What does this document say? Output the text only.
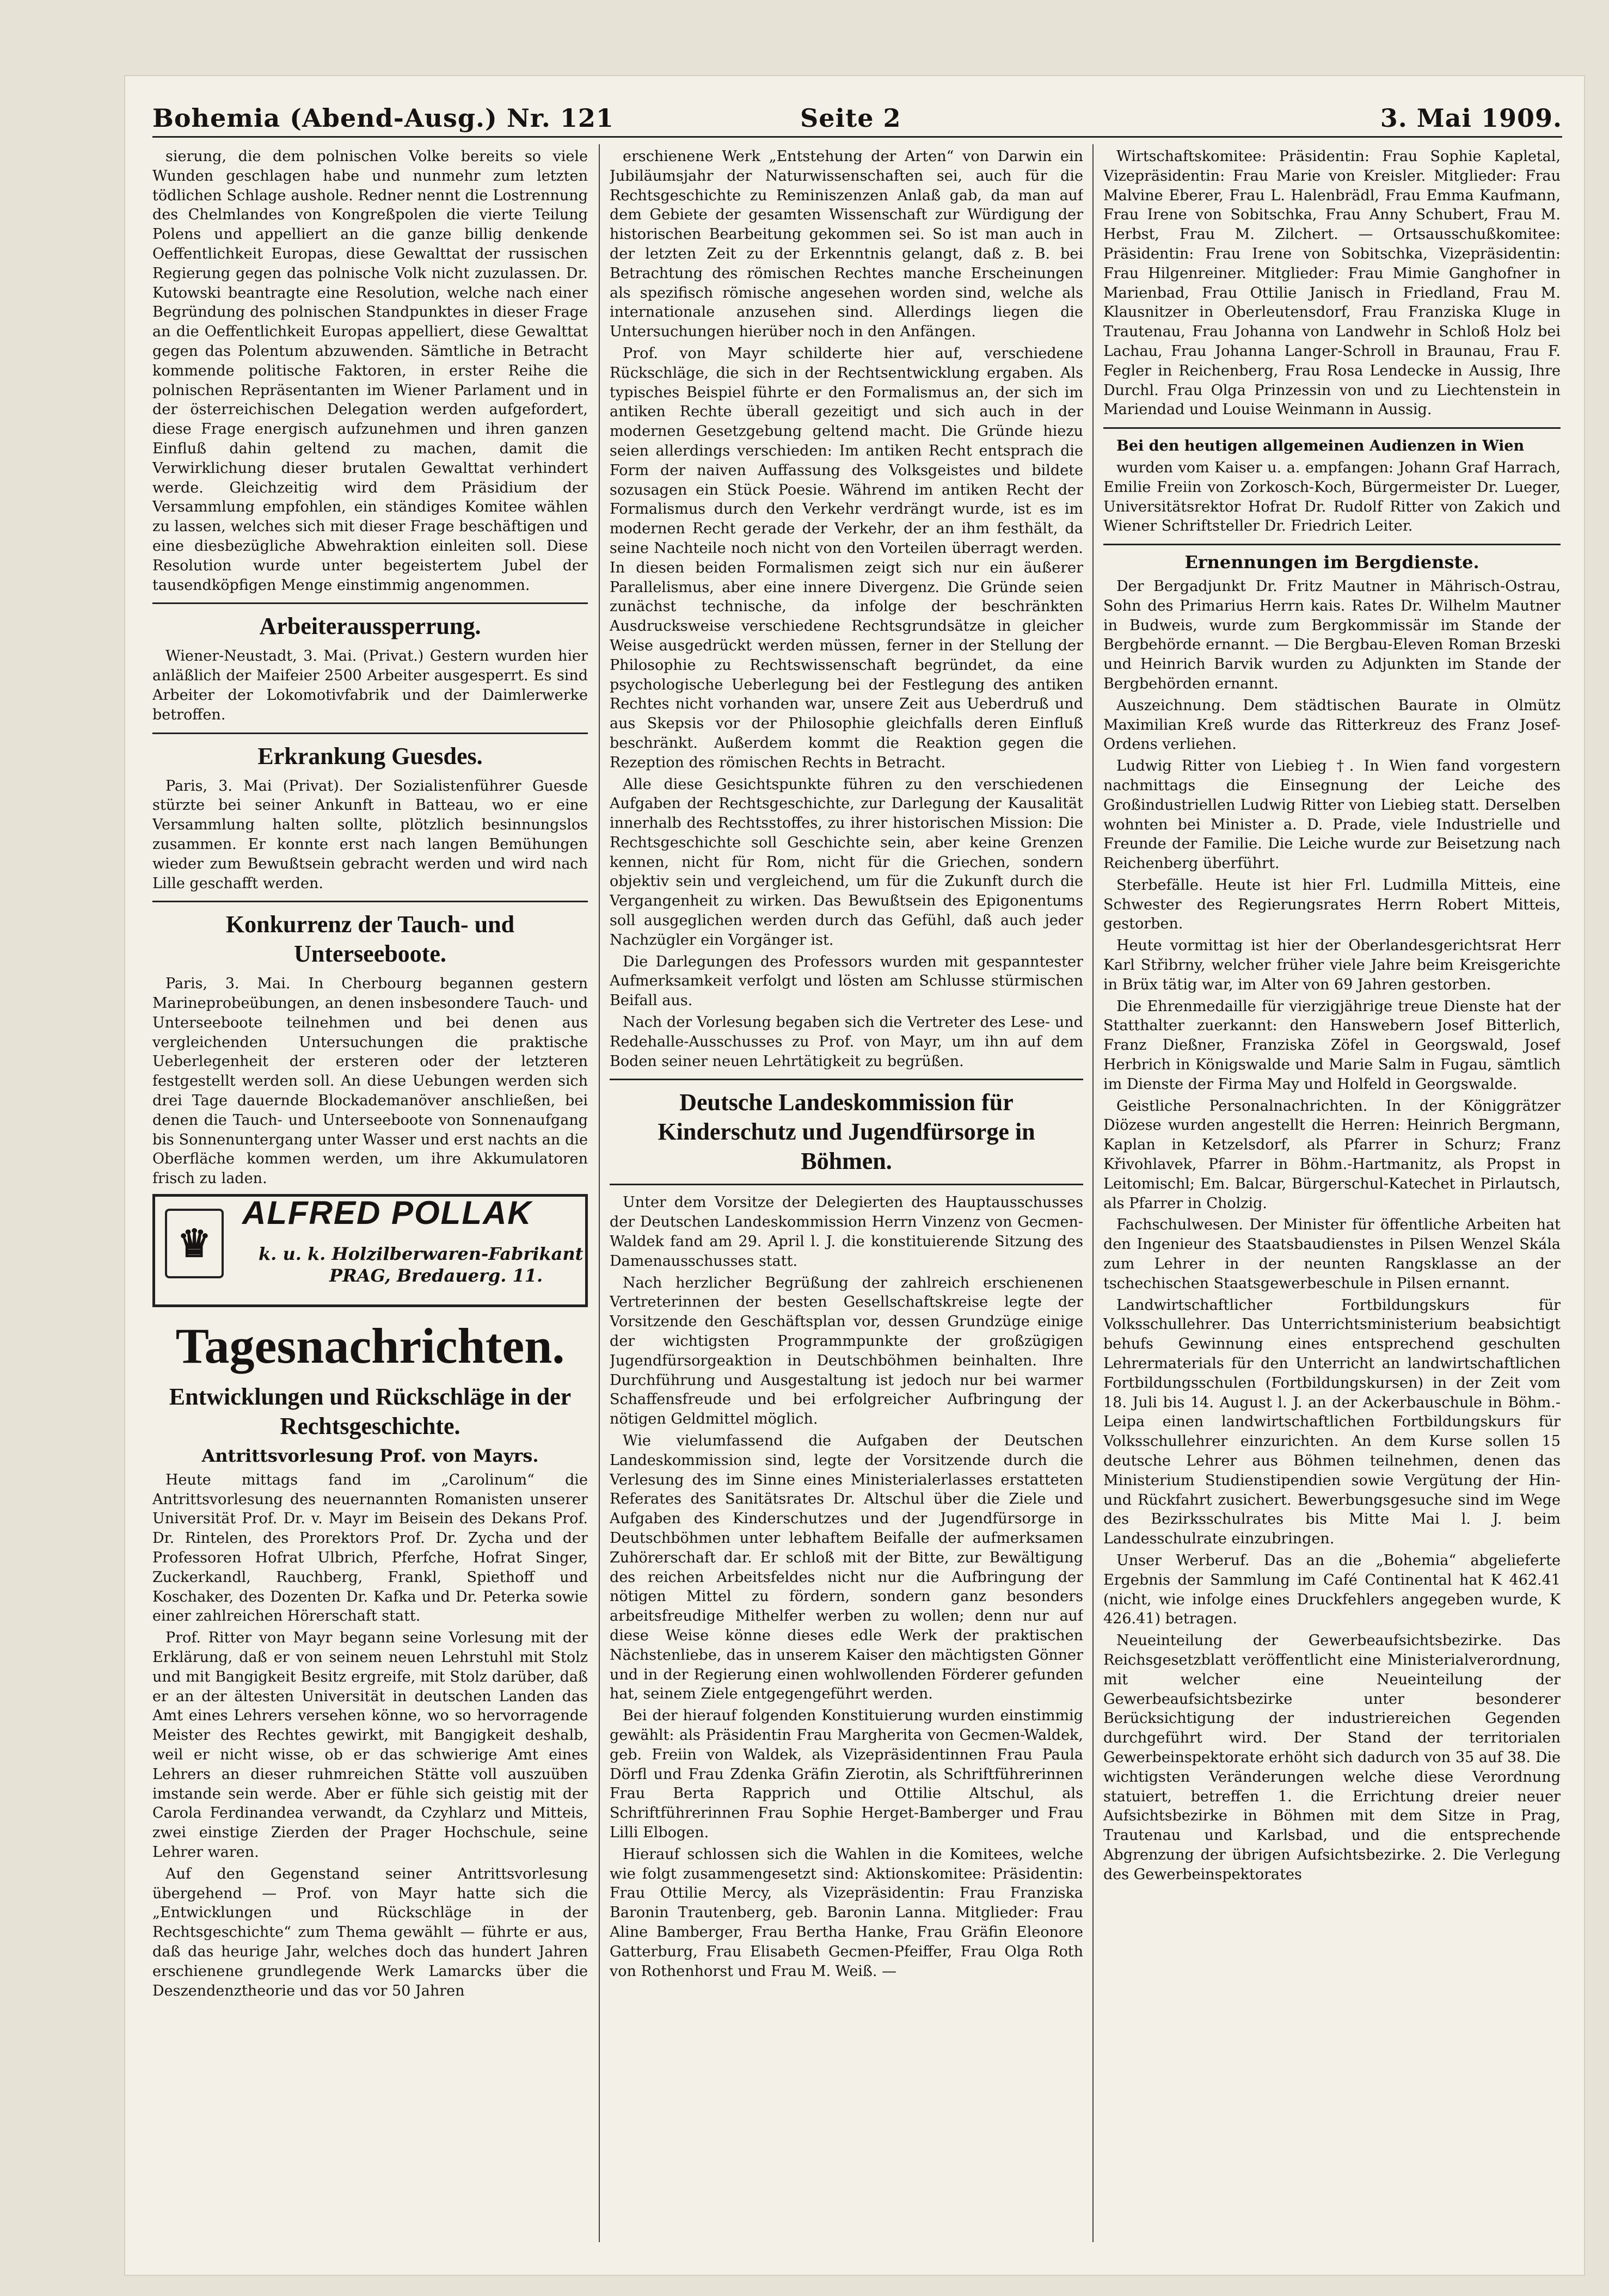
Bohemia (Abend-Ausg.) Nr. 121	Seite 2	3. Mai 1909.

sierung, die dem polnischen Volke bereits so viele Wunden geschlagen habe und nunmehr zum letzten tödlichen Schlage aushole. Redner nennt die Lostrennung des Chelmlandes von Kongreßpolen die vierte Teilung Polens und appelliert an die ganze billig denkende Oeffentlichkeit Europas, diese Gewalttat der russischen Regierung gegen das polnische Volk nicht zuzulassen. Dr. Kutowski beantragte eine Resolution, welche nach einer Begründung des polnischen Standpunktes in dieser Frage an die Oeffentlichkeit Europas appelliert, diese Gewalttat gegen das Polentum abzuwenden. Sämtliche in Betracht kommende politische Faktoren, in erster Reihe die polnischen Repräsentanten im Wiener Parlament und in der österreichischen Delegation werden aufgefordert, diese Frage energisch aufzunehmen und ihren ganzen Einfluß dahin geltend zu machen, damit die Verwirklichung dieser brutalen Gewalttat verhindert werde. Gleichzeitig wird dem Präsidium der Versammlung empfohlen, ein ständiges Komitee wählen zu lassen, welches sich mit dieser Frage beschäftigen und eine diesbezügliche Abwehraktion einleiten soll. Diese Resolution wurde unter begeistertem Jubel der tausendköpfigen Menge einstimmig angenommen.

Arbeiteraussperrung.

Wiener-Neustadt, 3. Mai. (Privat.) Gestern wurden hier anläßlich der Maifeier 2500 Arbeiter ausgesperrt. Es sind Arbeiter der Lokomotivfabrik und der Daimlerwerke betroffen.

Erkrankung Guesdes.

Paris, 3. Mai (Privat). Der Sozialistenführer Guesde stürzte bei seiner Ankunft in Batteau, wo er eine Versammlung halten sollte, plötzlich besinnungslos zusammen. Er konnte erst nach langen Bemühungen wieder zum Bewußtsein gebracht werden und wird nach Lille geschafft werden.

Konkurrenz der Tauch- und Unterseeboote.

Paris, 3. Mai. In Cherbourg begannen gestern Marineprobeübungen, an denen insbesondere Tauch- und Unterseeboote teilnehmen und bei denen aus vergleichenden Untersuchungen die praktische Ueberlegenheit der ersteren oder der letzteren festgestellt werden soll. An diese Uebungen werden sich drei Tage dauernde Blockademanöver anschließen, bei denen die Tauch- und Unterseeboote von Sonnenaufgang bis Sonnenuntergang unter Wasser und erst nachts an die Oberfläche kommen werden, um ihre Akkumulatoren frisch zu laden.

♛
ALFRED POLLAK
k. u. k. Holzilberwaren-Fabrikant
PRAG, Bredauerg. 11.
Tagesnachrichten.
Entwicklungen und Rückschläge in der Rechtsgeschichte.
Antrittsvorlesung Prof. von Mayrs.

Heute mittags fand im „Carolinum“ die Antrittsvorlesung des neuernannten Romanisten unserer Universität Prof. Dr. v. Mayr im Beisein des Dekans Prof. Dr. Rintelen, des Prorektors Prof. Dr. Zycha und der Professoren Hofrat Ulbrich, Pferfche, Hofrat Singer, Zuckerkandl, Rauchberg, Frankl, Spiethoff und Koschaker, des Dozenten Dr. Kafka und Dr. Peterka sowie einer zahlreichen Hörerschaft statt.

Prof. Ritter von Mayr begann seine Vorlesung mit der Erklärung, daß er von seinem neuen Lehrstuhl mit Stolz und mit Bangigkeit Besitz ergreife, mit Stolz darüber, daß er an der ältesten Universität in deutschen Landen das Amt eines Lehrers versehen könne, wo so hervorragende Meister des Rechtes gewirkt, mit Bangigkeit deshalb, weil er nicht wisse, ob er das schwierige Amt eines Lehrers an dieser ruhmreichen Stätte voll auszuüben imstande sein werde. Aber er fühle sich geistig mit der Carola Ferdinandea verwandt, da Czyhlarz und Mitteis, zwei einstige Zierden der Prager Hochschule, seine Lehrer waren.

Auf den Gegenstand seiner Antrittsvorlesung übergehend — Prof. von Mayr hatte sich die „Entwicklungen und Rückschläge in der Rechtsgeschichte“ zum Thema gewählt — führte er aus, daß das heurige Jahr, welches doch das hundert Jahren erschienene grundlegende Werk Lamarcks über die Deszendenztheorie und das vor 50 Jahren

erschienene Werk „Entstehung der Arten“ von Darwin ein Jubiläumsjahr der Naturwissenschaften sei, auch für die Rechtsgeschichte zu Reminiszenzen Anlaß gab, da man auf dem Gebiete der gesamten Wissenschaft zur Würdigung der historischen Bearbeitung gekommen sei. So ist man auch in der letzten Zeit zu der Erkenntnis gelangt, daß z. B. bei Betrachtung des römischen Rechtes manche Erscheinungen als spezifisch römische angesehen worden sind, welche als internationale anzusehen sind. Allerdings liegen die Untersuchungen hierüber noch in den Anfängen.

Prof. von Mayr schilderte hier auf, verschiedene Rückschläge, die sich in der Rechtsentwicklung ergaben. Als typisches Beispiel führte er den Formalismus an, der sich im antiken Rechte überall gezeitigt und sich auch in der modernen Gesetzgebung geltend macht. Die Gründe hiezu seien allerdings verschieden: Im antiken Recht entsprach die Form der naiven Auffassung des Volksgeistes und bildete sozusagen ein Stück Poesie. Während im antiken Recht der Formalismus durch den Verkehr verdrängt wurde, ist es im modernen Recht gerade der Verkehr, der an ihm festhält, da seine Nachteile noch nicht von den Vorteilen überragt werden. In diesen beiden Formalismen zeigt sich nur ein äußerer Parallelismus, aber eine innere Divergenz. Die Gründe seien zunächst technische, da infolge der beschränkten Ausdrucksweise verschiedene Rechtsgrundsätze in gleicher Weise ausgedrückt werden müssen, ferner in der Stellung der Philosophie zu Rechtswissenschaft begründet, da eine psychologische Ueberlegung bei der Festlegung des antiken Rechtes nicht vorhanden war, unsere Zeit aus Ueberdruß und aus Skepsis vor der Philosophie gleichfalls deren Einfluß beschränkt. Außerdem kommt die Reaktion gegen die Rezeption des römischen Rechts in Betracht.

Alle diese Gesichtspunkte führen zu den verschiedenen Aufgaben der Rechtsgeschichte, zur Darlegung der Kausalität innerhalb des Rechtsstoffes, zu ihrer historischen Mission: Die Rechtsgeschichte soll Geschichte sein, aber keine Grenzen kennen, nicht für Rom, nicht für die Griechen, sondern objektiv sein und vergleichend, um für die Zukunft durch die Vergangenheit zu wirken. Das Bewußtsein des Epigonentums soll ausgeglichen werden durch das Gefühl, daß auch jeder Nachzügler ein Vorgänger ist.

Die Darlegungen des Professors wurden mit gespanntester Aufmerksamkeit verfolgt und lösten am Schlusse stürmischen Beifall aus.

Nach der Vorlesung begaben sich die Vertreter des Lese- und Redehalle-Ausschusses zu Prof. von Mayr, um ihn auf dem Boden seiner neuen Lehrtätigkeit zu begrüßen.

Deutsche Landeskommission für Kinderschutz und Jugendfürsorge in Böhmen.

Unter dem Vorsitze der Delegierten des Hauptausschusses der Deutschen Landeskommission Herrn Vinzenz von Gecmen-Waldek fand am 29. April l. J. die konstituierende Sitzung des Damenausschusses statt.

Nach herzlicher Begrüßung der zahlreich erschienenen Vertreterinnen der besten Gesellschaftskreise legte der Vorsitzende den Geschäftsplan vor, dessen Grundzüge einige der wichtigsten Programmpunkte der großzügigen Jugendfürsorgeaktion in Deutschböhmen beinhalten. Ihre Durchführung und Ausgestaltung ist jedoch nur bei warmer Schaffensfreude und bei erfolgreicher Aufbringung der nötigen Geldmittel möglich.

Wie vielumfassend die Aufgaben der Deutschen Landeskommission sind, legte der Vorsitzende durch die Verlesung des im Sinne eines Ministerialerlasses erstatteten Referates des Sanitätsrates Dr. Altschul über die Ziele und Aufgaben des Kinderschutzes und der Jugendfürsorge in Deutschböhmen unter lebhaftem Beifalle der aufmerksamen Zuhörerschaft dar. Er schloß mit der Bitte, zur Bewältigung des reichen Arbeitsfeldes nicht nur die Aufbringung der nötigen Mittel zu fördern, sondern ganz besonders arbeitsfreudige Mithelfer werben zu wollen; denn nur auf diese Weise könne dieses edle Werk der praktischen Nächstenliebe, das in unserem Kaiser den mächtigsten Gönner und in der Regierung einen wohlwollenden Förderer gefunden hat, seinem Ziele entgegengeführt werden.

Bei der hierauf folgenden Konstituierung wurden einstimmig gewählt: als Präsidentin Frau Margherita von Gecmen-Waldek, geb. Freiin von Waldek, als Vizepräsidentinnen Frau Paula Dörfl und Frau Zdenka Gräfin Zierotin, als Schriftführerinnen Frau Berta Rapprich und Ottilie Altschul, als Schriftführerinnen Frau Sophie Herget-Bamberger und Frau Lilli Elbogen.

Hierauf schlossen sich die Wahlen in die Komitees, welche wie folgt zusammengesetzt sind: Aktionskomitee: Präsidentin: Frau Ottilie Mercy, als Vizepräsidentin: Frau Franziska Baronin Trautenberg, geb. Baronin Lanna. Mitglieder: Frau Aline Bamberger, Frau Bertha Hanke, Frau Gräfin Eleonore Gatterburg, Frau Elisabeth Gecmen-Pfeiffer, Frau Olga Roth von Rothenhorst und Frau M. Weiß. —

Wirtschaftskomitee: Präsidentin: Frau Sophie Kapletal, Vizepräsidentin: Frau Marie von Kreisler. Mitglieder: Frau Malvine Eberer, Frau L. Halenbrädl, Frau Emma Kaufmann, Frau Irene von Sobitschka, Frau Anny Schubert, Frau M. Herbst, Frau M. Zilchert. — Ortsausschußkomitee: Präsidentin: Frau Irene von Sobitschka, Vizepräsidentin: Frau Hilgenreiner. Mitglieder: Frau Mimie Ganghofner in Marienbad, Frau Ottilie Janisch in Friedland, Frau M. Klausnitzer in Oberleutensdorf, Frau Franziska Kluge in Trautenau, Frau Johanna von Landwehr in Schloß Holz bei Lachau, Frau Johanna Langer-Schroll in Braunau, Frau F. Fegler in Reichenberg, Frau Rosa Lendecke in Aussig, Ihre Durchl. Frau Olga Prinzessin von und zu Liechtenstein in Mariendad und Louise Weinmann in Aussig.

Bei den heutigen allgemeinen Audienzen in Wien

wurden vom Kaiser u. a. empfangen: Johann Graf Harrach, Emilie Freiin von Zorkosch-Koch, Bürgermeister Dr. Lueger, Universitätsrektor Hofrat Dr. Rudolf Ritter von Zakich und Wiener Schriftsteller Dr. Friedrich Leiter.

Ernennungen im Bergdienste.

Der Bergadjunkt Dr. Fritz Mautner in Mährisch-Ostrau, Sohn des Primarius Herrn kais. Rates Dr. Wilhelm Mautner in Budweis, wurde zum Bergkommissär im Stande der Bergbehörde ernannt. — Die Bergbau-Eleven Roman Brzeski und Heinrich Barvik wurden zu Adjunkten im Stande der Bergbehörden ernannt.

Auszeichnung. Dem städtischen Baurate in Olmütz Maximilian Kreß wurde das Ritterkreuz des Franz Josef-Ordens verliehen.

Ludwig Ritter von Liebieg †. In Wien fand vorgestern nachmittags die Einsegnung der Leiche des Großindustriellen Ludwig Ritter von Liebieg statt. Derselben wohnten bei Minister a. D. Prade, viele Industrielle und Freunde der Familie. Die Leiche wurde zur Beisetzung nach Reichenberg überführt.

Sterbefälle. Heute ist hier Frl. Ludmilla Mitteis, eine Schwester des Regierungsrates Herrn Robert Mitteis, gestorben.

Heute vormittag ist hier der Oberlandesgerichtsrat Herr Karl Střibrny, welcher früher viele Jahre beim Kreisgerichte in Brüx tätig war, im Alter von 69 Jahren gestorben.

Die Ehrenmedaille für vierzigjährige treue Dienste hat der Statthalter zuerkannt: den Hanswebern Josef Bitterlich, Franz Dießner, Franziska Zöfel in Georgswald, Josef Herbrich in Königswalde und Marie Salm in Fugau, sämtlich im Dienste der Firma May und Holfeld in Georgswalde.

Geistliche Personalnachrichten. In der Königgrätzer Diözese wurden angestellt die Herren: Heinrich Bergmann, Kaplan in Ketzelsdorf, als Pfarrer in Schurz; Franz Křivohlavek, Pfarrer in Böhm.-Hartmanitz, als Propst in Leitomischl; Em. Balcar, Bürgerschul-Katechet in Pirlautsch, als Pfarrer in Cholzig.

Fachschulwesen. Der Minister für öffentliche Arbeiten hat den Ingenieur des Staatsbaudienstes in Pilsen Wenzel Skála zum Lehrer in der neunten Rangsklasse an der tschechischen Staatsgewerbeschule in Pilsen ernannt.

Landwirtschaftlicher Fortbildungskurs für Volksschullehrer. Das Unterrichtsministerium beabsichtigt behufs Gewinnung eines entsprechend geschulten Lehrermaterials für den Unterricht an landwirtschaftlichen Fortbildungsschulen (Fortbildungskursen) in der Zeit vom 18. Juli bis 14. August l. J. an der Ackerbauschule in Böhm.-Leipa einen landwirtschaftlichen Fortbildungskurs für Volksschullehrer einzurichten. An dem Kurse sollen 15 deutsche Lehrer aus Böhmen teilnehmen, denen das Ministerium Studienstipendien sowie Vergütung der Hin- und Rückfahrt zusichert. Bewerbungsgesuche sind im Wege des Bezirksschulrates bis Mitte Mai l. J. beim Landesschulrate einzubringen.

Unser Werberuf. Das an die „Bohemia“ abgelieferte Ergebnis der Sammlung im Café Continental hat K 462.41 (nicht, wie infolge eines Druckfehlers angegeben wurde, K 426.41) betragen.

Neueinteilung der Gewerbeaufsichtsbezirke. Das Reichsgesetzblatt veröffentlicht eine Ministerialverordnung, mit welcher eine Neueinteilung der Gewerbeaufsichtsbezirke unter besonderer Berücksichtigung der industriereichen Gegenden durchgeführt wird. Der Stand der territorialen Gewerbeinspektorate erhöht sich dadurch von 35 auf 38. Die wichtigsten Veränderungen welche diese Verordnung statuiert, betreffen 1. die Errichtung dreier neuer Aufsichtsbezirke in Böhmen mit dem Sitze in Prag, Trautenau und Karlsbad, und die entsprechende Abgrenzung der übrigen Aufsichtsbezirke. 2. Die Verlegung des Gewerbeinspektorates
